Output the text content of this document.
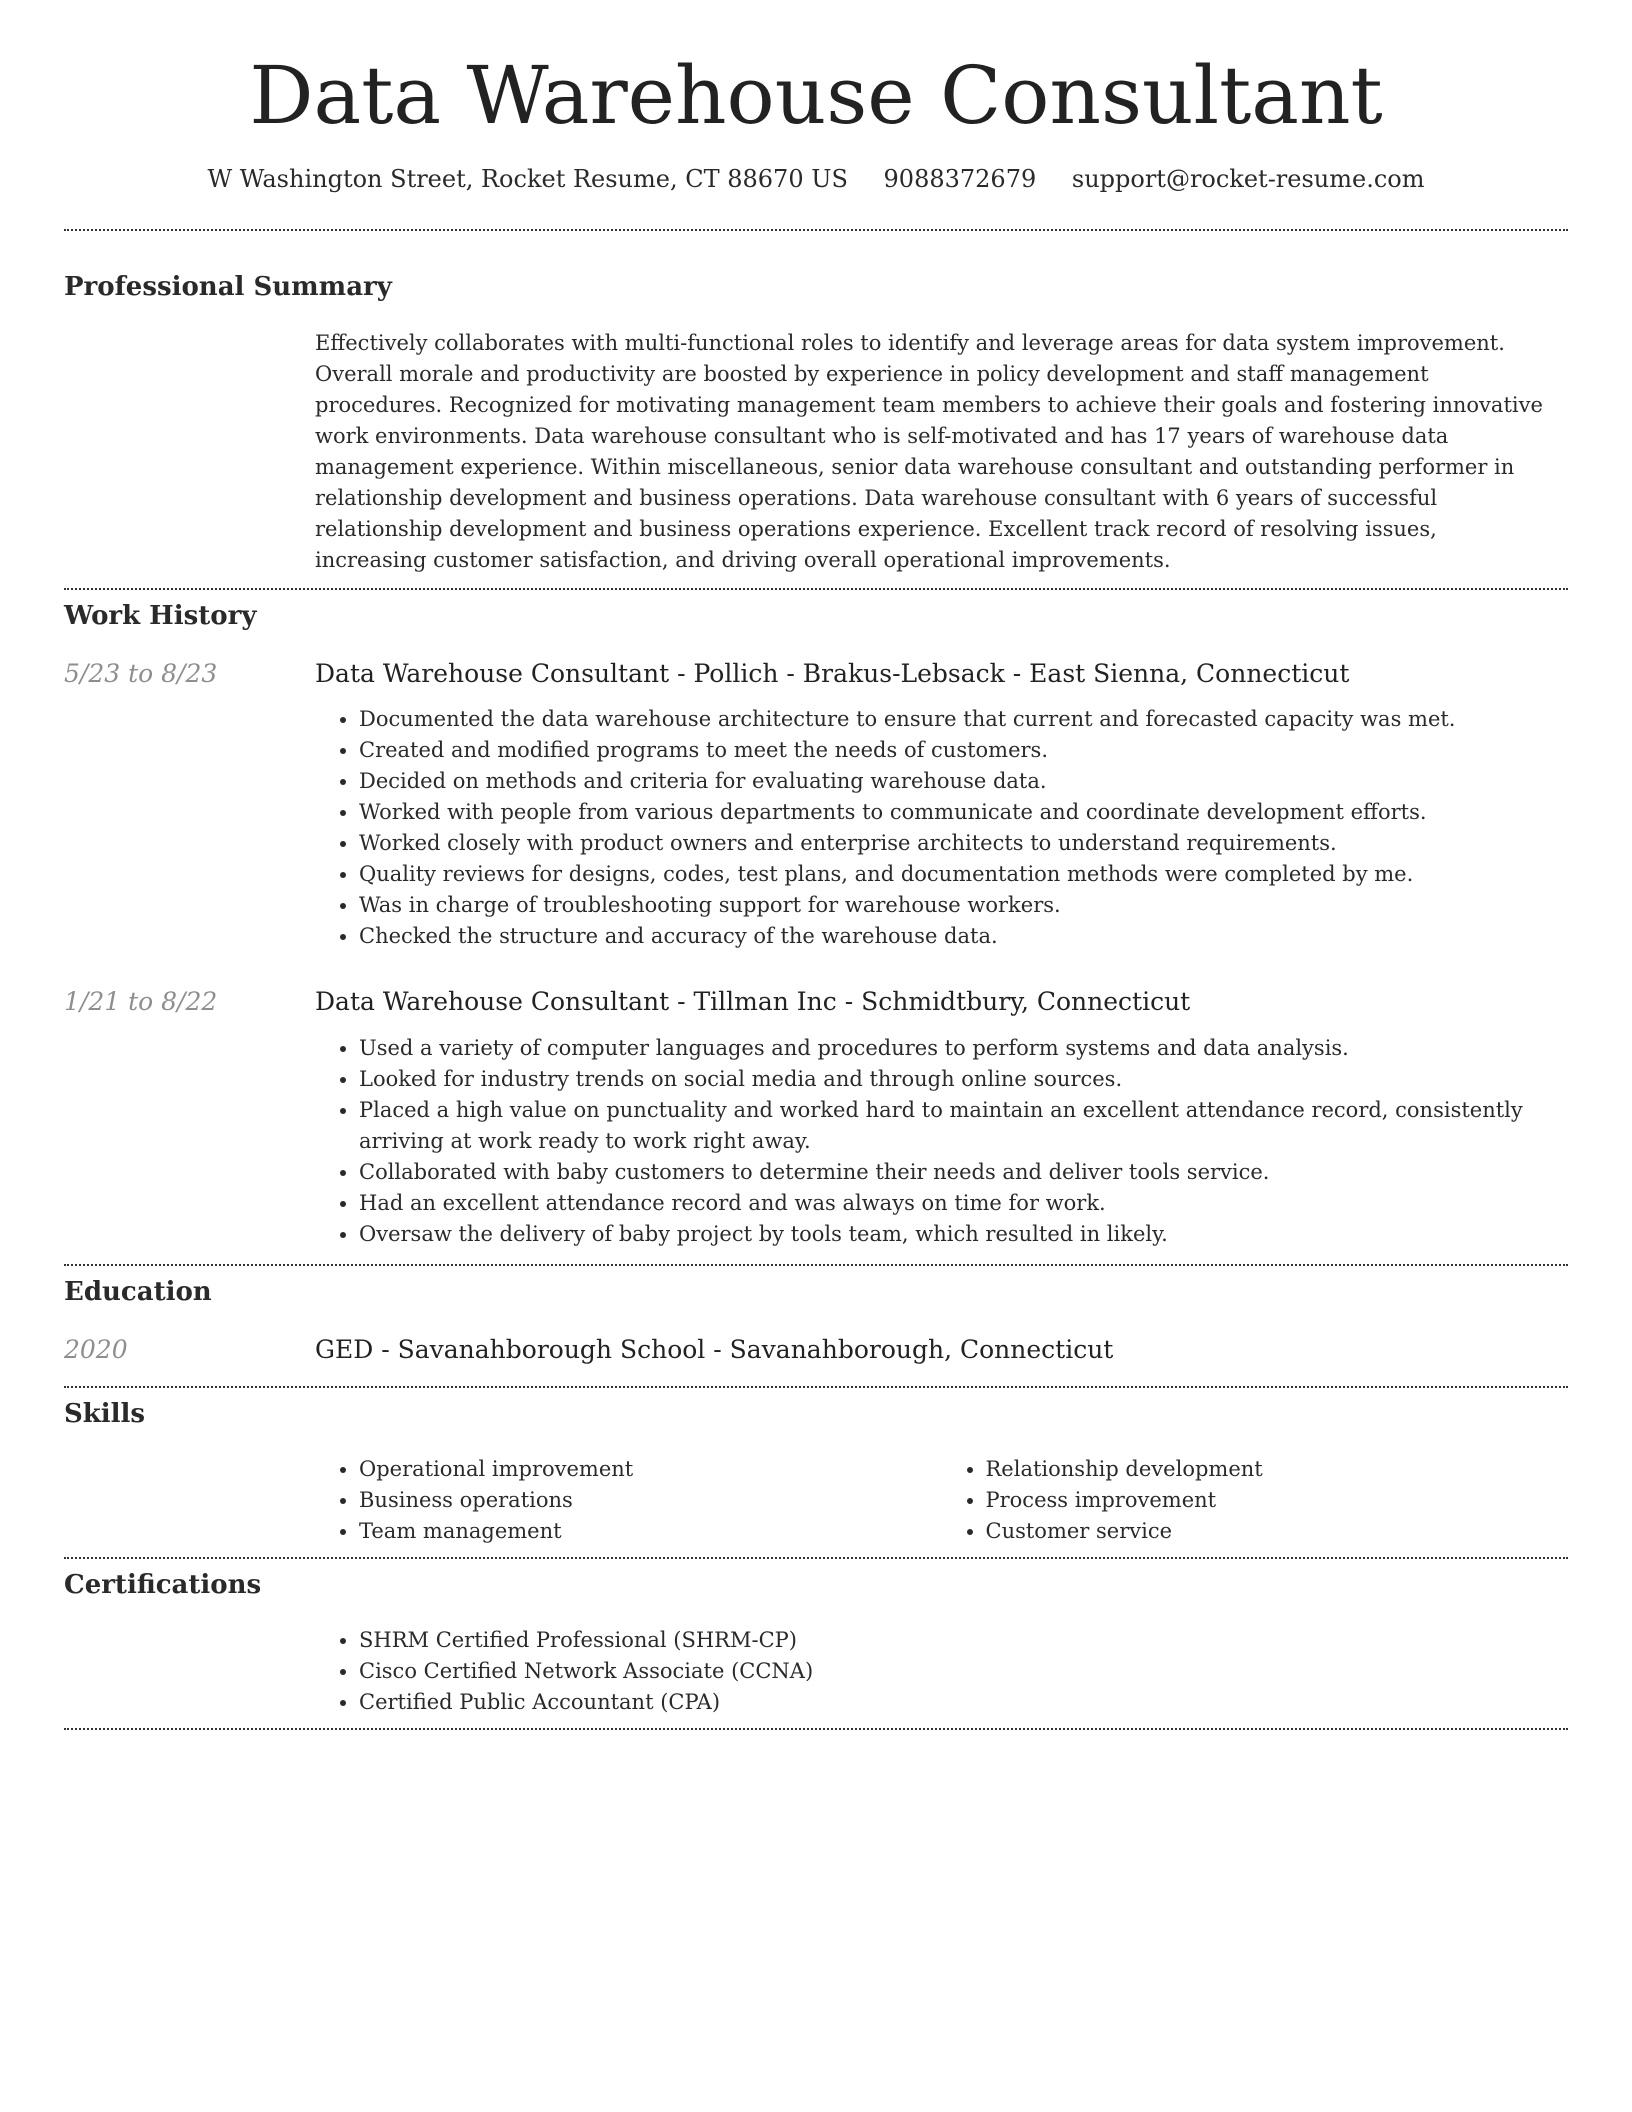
Data Warehouse Consultant
W Washington Street, Rocket Resume, CT 88670 US 9088372679 support@rocket-resume.com
Professional Summary

Effectively collaborates with multi-functional roles to identify and leverage areas for data system improvement. Overall morale and productivity are boosted by experience in policy development and staff management procedures. Recognized for motivating management team members to achieve their goals and fostering innovative work environments. Data warehouse consultant who is self-motivated and has 17 years of warehouse data management experience. Within miscellaneous, senior data warehouse consultant and outstanding performer in relationship development and business operations. Data warehouse consultant with 6 years of successful relationship development and business operations experience. Excellent track record of resolving issues, increasing customer satisfaction, and driving overall operational improvements.

Work History
5/23 to 8/23	Data Warehouse Consultant - Pollich - Brakus-Lebsack - East Sienna, Connecticut
• Documented the data warehouse architecture to ensure that current and forecasted capacity was met.
• Created and modified programs to meet the needs of customers.
• Decided on methods and criteria for evaluating warehouse data.
• Worked with people from various departments to communicate and coordinate development efforts.
• Worked closely with product owners and enterprise architects to understand requirements.
• Quality reviews for designs, codes, test plans, and documentation methods were completed by me.
• Was in charge of troubleshooting support for warehouse workers.
• Checked the structure and accuracy of the warehouse data.
1/21 to 8/22	Data Warehouse Consultant - Tillman Inc - Schmidtbury, Connecticut
• Used a variety of computer languages and procedures to perform systems and data analysis.
• Looked for industry trends on social media and through online sources.
• Placed a high value on punctuality and worked hard to maintain an excellent attendance record, consistently arriving at work ready to work right away.
• Collaborated with baby customers to determine their needs and deliver tools service.
• Had an excellent attendance record and was always on time for work.
• Oversaw the delivery of baby project by tools team, which resulted in likely.
Education
2020	GED - Savanahborough School - Savanahborough, Connecticut
Skills
• Operational improvement
• Business operations
• Team management
• Relationship development
• Process improvement
• Customer service
Certifications
• SHRM Certified Professional (SHRM-CP)
• Cisco Certified Network Associate (CCNA)
• Certified Public Accountant (CPA)
